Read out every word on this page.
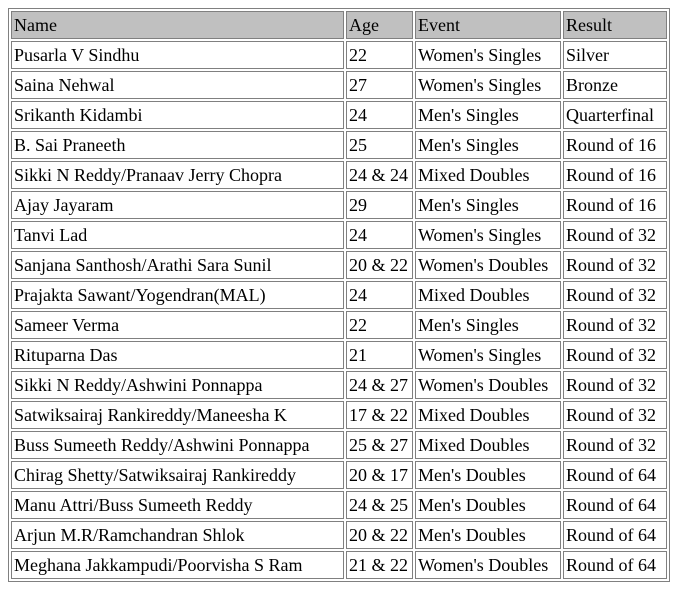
Name	Age	Event	Result
Pusarla V Sindhu	22	Women's Singles	Silver
Saina Nehwal	27	Women's Singles	Bronze
Srikanth Kidambi	24	Men's Singles	Quarterfinal
B. Sai Praneeth	25	Men's Singles	Round of 16
Sikki N Reddy/Pranaav Jerry Chopra	24 & 24	Mixed Doubles	Round of 16
Ajay Jayaram	29	Men's Singles	Round of 16
Tanvi Lad	24	Women's Singles	Round of 32
Sanjana Santhosh/Arathi Sara Sunil	20 & 22	Women's Doubles	Round of 32
Prajakta Sawant/Yogendran(MAL)	24	Mixed Doubles	Round of 32
Sameer Verma	22	Men's Singles	Round of 32
Rituparna Das	21	Women's Singles	Round of 32
Sikki N Reddy/Ashwini Ponnappa	24 & 27	Women's Doubles	Round of 32
Satwiksairaj Rankireddy/Maneesha K	17 & 22	Mixed Doubles	Round of 32
Buss Sumeeth Reddy/Ashwini Ponnappa	25 & 27	Mixed Doubles	Round of 32
Chirag Shetty/Satwiksairaj Rankireddy	20 & 17	Men's Doubles	Round of 64
Manu Attri/Buss Sumeeth Reddy	24 & 25	Men's Doubles	Round of 64
Arjun M.R/Ramchandran Shlok	20 & 22	Men's Doubles	Round of 64
Meghana Jakkampudi/Poorvisha S Ram	21 & 22	Women's Doubles	Round of 64
